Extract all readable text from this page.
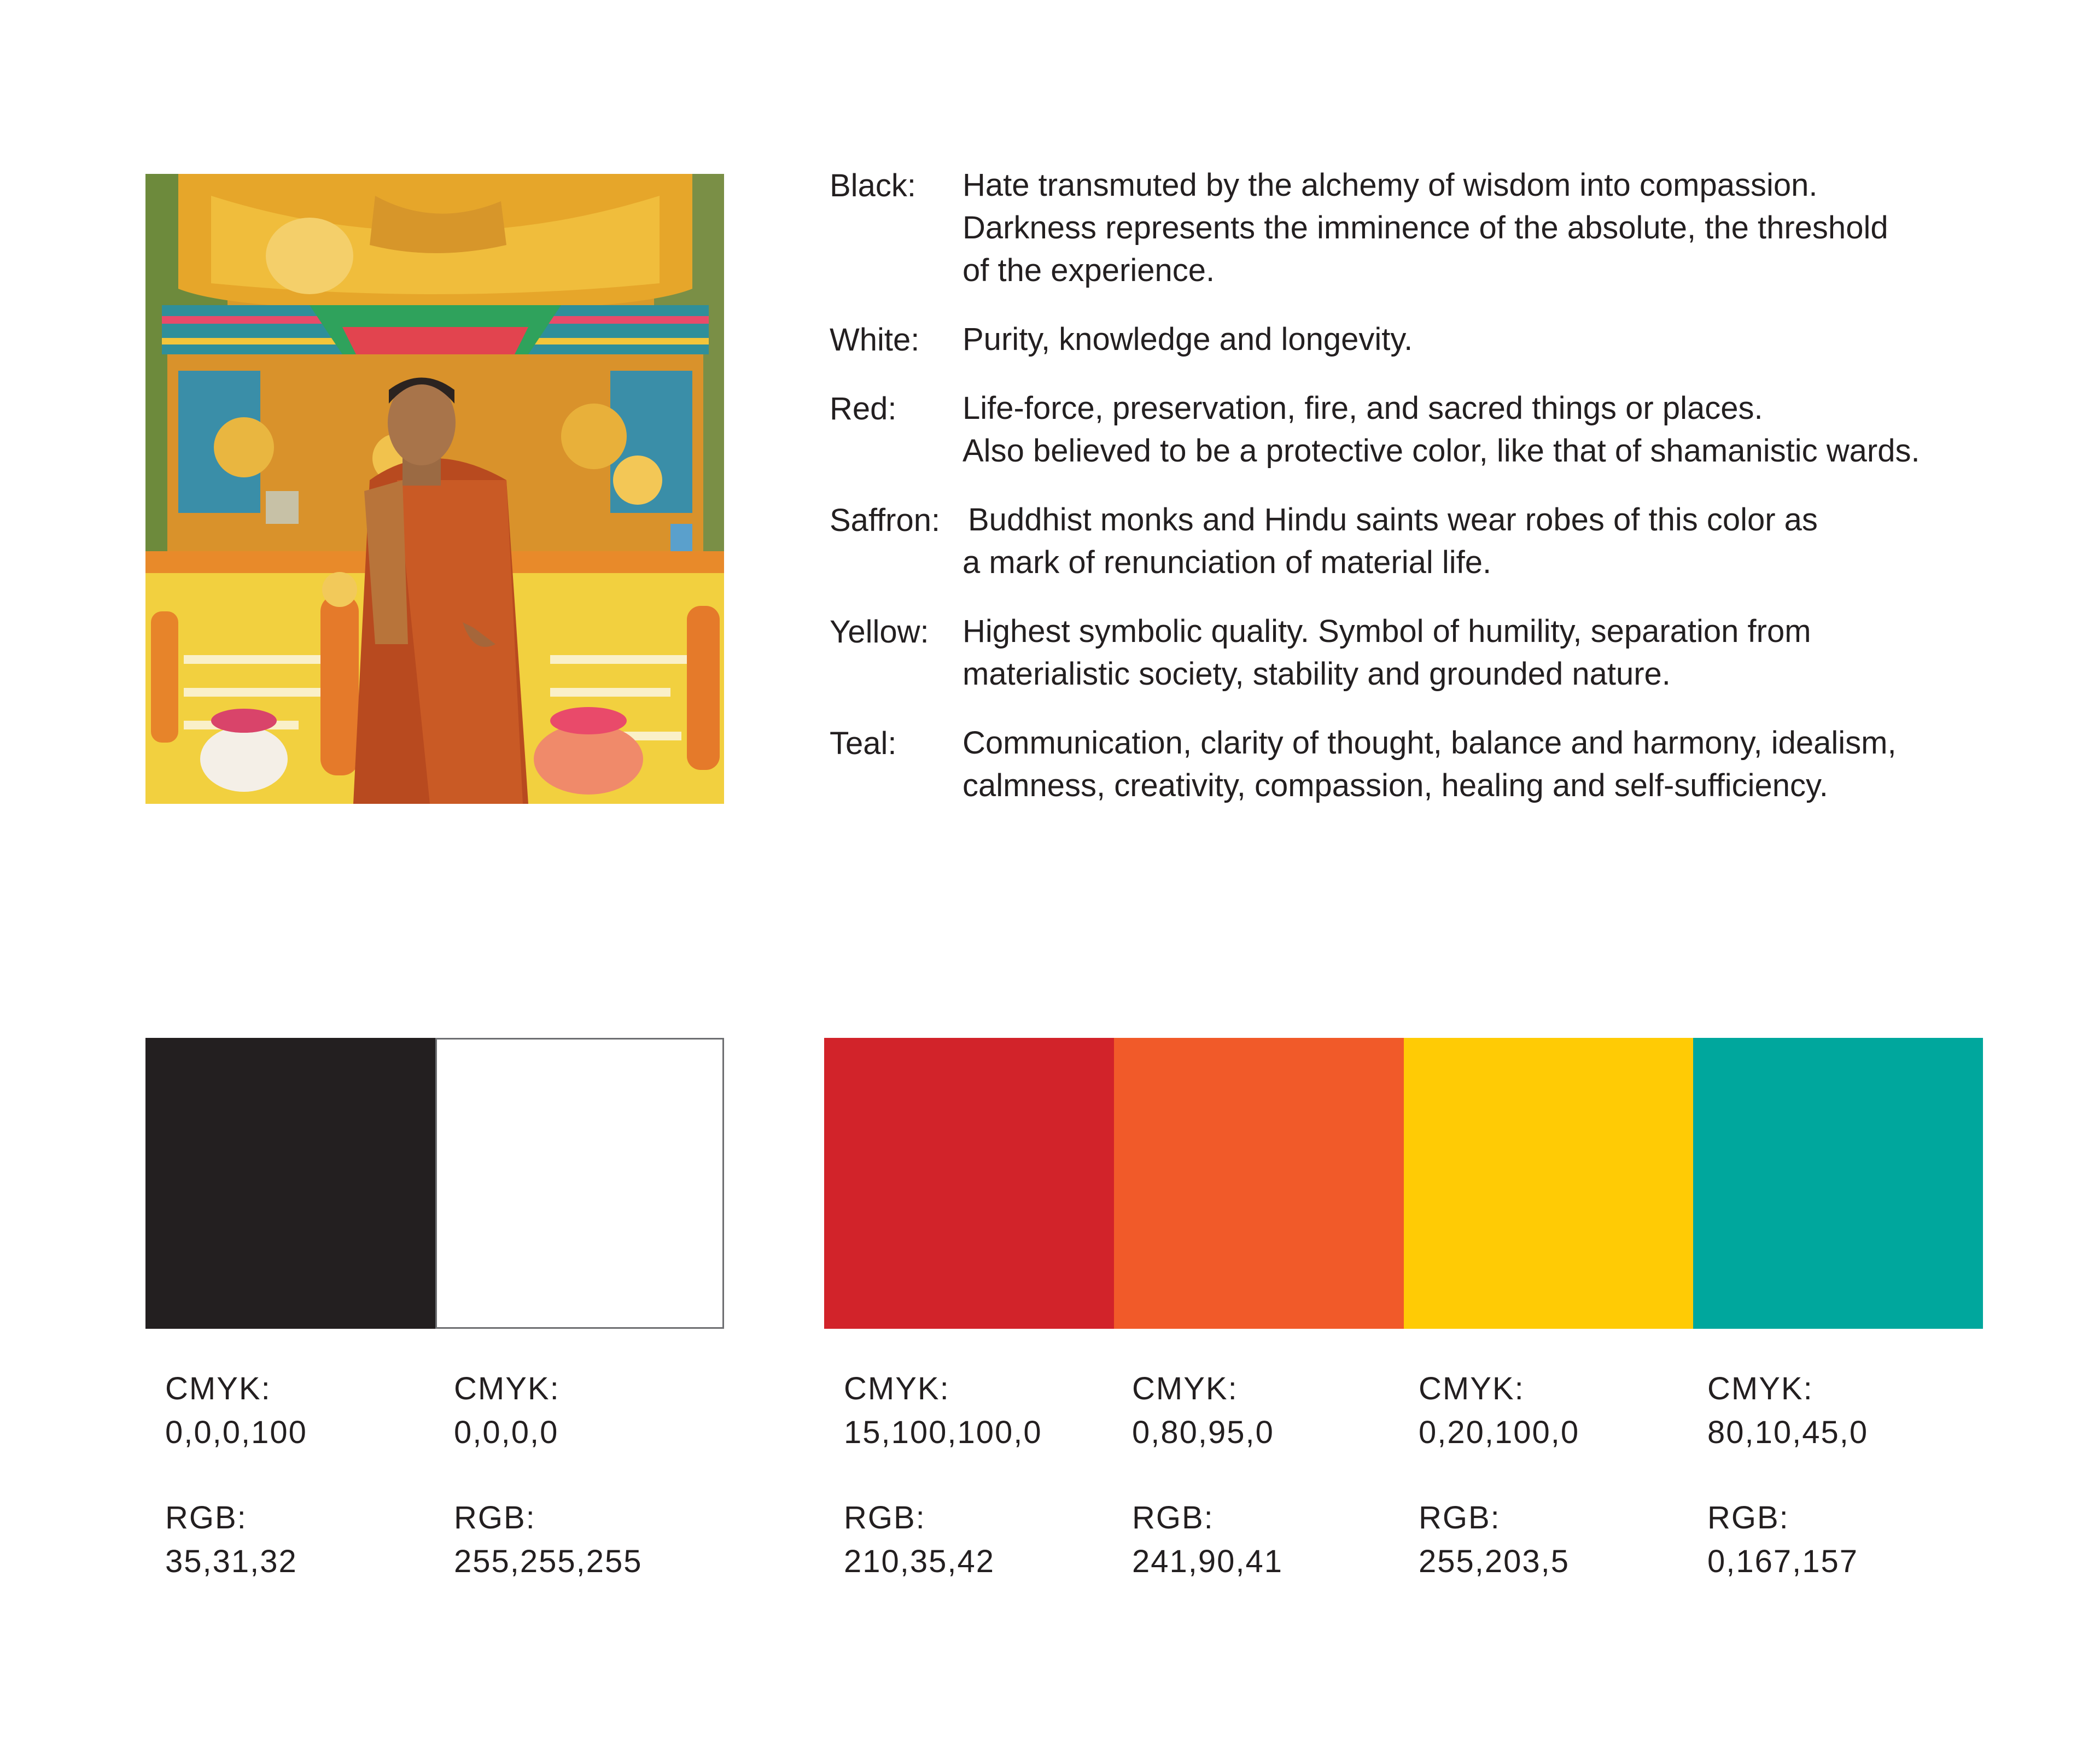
Black: Hate transmuted by the alchemy of wisdom into compassion.
Darkness represents the imminence of the absolute, the threshold
of the experience.
White: Purity, knowledge and longevity.
Red: Life-force, preservation, fire, and sacred things or places.
Also believed to be a protective color, like that of shamanistic wards.
Saffron: Buddhist monks and Hindu saints wear robes of this color as
a mark of renunciation of material life.
Yellow: Highest symbolic quality. Symbol of humility, separation from
materialistic society, stability and grounded nature.
Teal: Communication, clarity of thought, balance and harmony, idealism,
calmness, creativity, compassion, healing and self-sufficiency.
CMYK:
0,0,0,100
RGB:
35,31,32
CMYK:
0,0,0,0
RGB:
255,255,255
CMYK:
15,100,100,0
RGB:
210,35,42
CMYK:
0,80,95,0
RGB:
241,90,41
CMYK:
0,20,100,0
RGB:
255,203,5
CMYK:
80,10,45,0
RGB:
0,167,157
